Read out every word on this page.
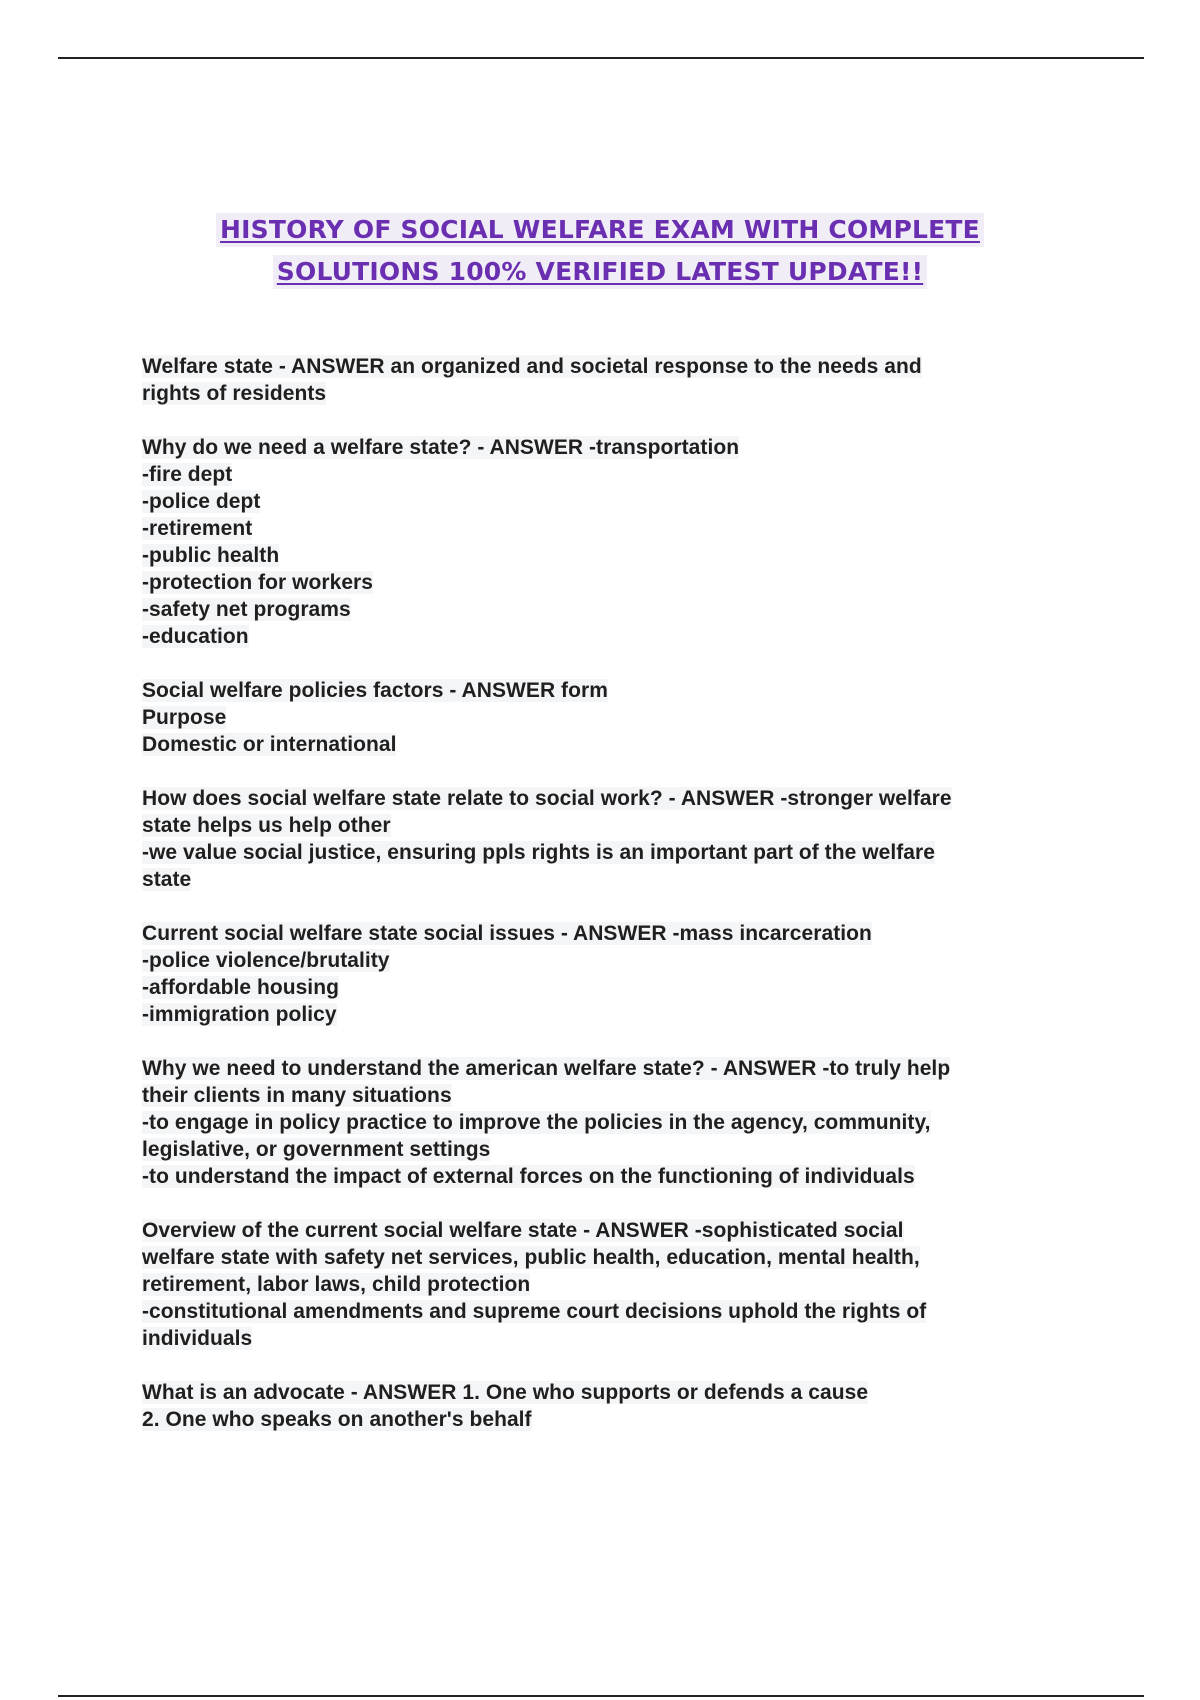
HISTORY OF SOCIAL WELFARE EXAM WITH COMPLETE
SOLUTIONS 100% VERIFIED LATEST UPDATE!!
Welfare state - ANSWER an organized and societal response to the needs and
rights of residents
Why do we need a welfare state? - ANSWER -transportation
-fire dept
-police dept
-retirement
-public health
-protection for workers
-safety net programs
-education
Social welfare policies factors - ANSWER form
Purpose
Domestic or international
How does social welfare state relate to social work? - ANSWER -stronger welfare
state helps us help other
-we value social justice, ensuring ppls rights is an important part of the welfare
state
Current social welfare state social issues - ANSWER -mass incarceration
-police violence/brutality
-affordable housing
-immigration policy
Why we need to understand the american welfare state? - ANSWER -to truly help
their clients in many situations
-to engage in policy practice to improve the policies in the agency, community,
legislative, or government settings
-to understand the impact of external forces on the functioning of individuals
Overview of the current social welfare state - ANSWER -sophisticated social
welfare state with safety net services, public health, education, mental health,
retirement, labor laws, child protection
-constitutional amendments and supreme court decisions uphold the rights of
individuals
What is an advocate - ANSWER 1. One who supports or defends a cause
2. One who speaks on another's behalf
